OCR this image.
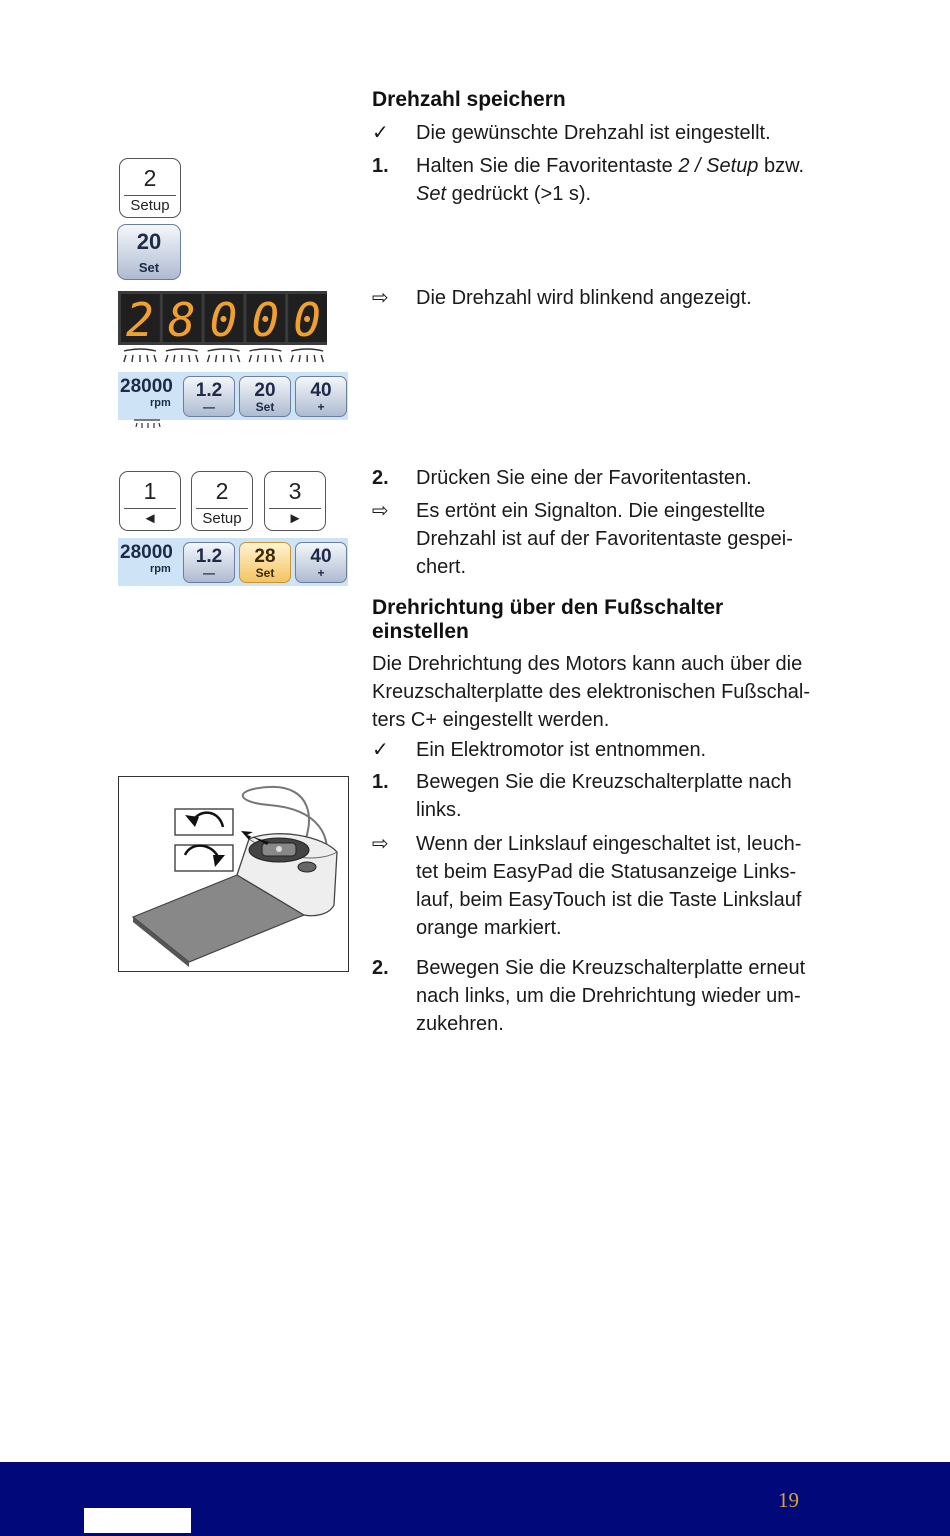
Drehzahl speichern
✓	Die gewünschte Drehzahl ist eingestellt.
1.	Halten Sie die Favoritentaste 2 / Setup bzw.
Set gedrückt (>1 s).
⇨	Die Drehzahl wird blinkend angezeigt.
2.	Drücken Sie eine der Favoritentasten.
⇨	Es ertönt ein Signalton. Die eingestellte
Drehzahl ist auf der Favoritentaste gespei-
chert.
Drehrichtung über den Fußschalter
einstellen
Die Drehrichtung des Motors kann auch über die
Kreuzschalterplatte des elektronischen Fußschal-
ters C+ eingestellt werden.
✓	Ein Elektromotor ist entnommen.
1.	Bewegen Sie die Kreuzschalterplatte nach
links.
⇨	Wenn der Linkslauf eingeschaltet ist, leuch-
tet beim EasyPad die Statusanzeige Links-
lauf, beim EasyTouch ist die Taste Linkslauf
orange markiert.
2.	Bewegen Sie die Kreuzschalterplatte erneut
nach links, um die Drehrichtung wieder um-
zukehren.
2
Setup
20
Set
2 8 0 0 0
28000
rpm
1.2
—
20
Set
40
+
1
◄
2
Setup
3
►
28000
rpm
1.2
—
28
Set
40
+
19
